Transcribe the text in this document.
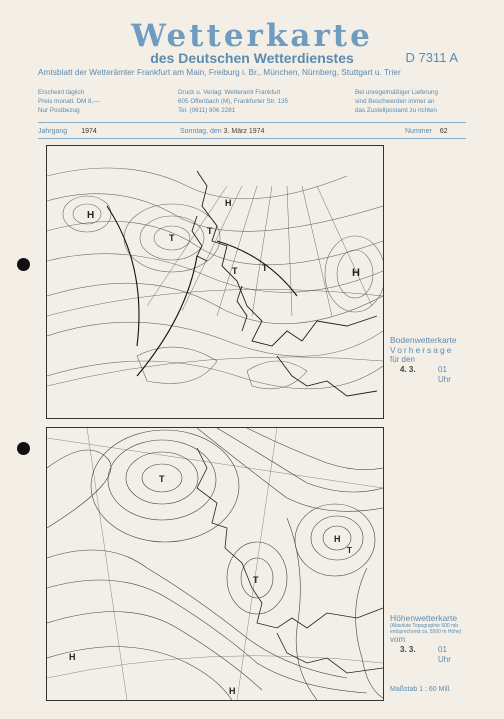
Wetterkarte
des Deutschen Wetterdienstes	D 7311 A
Amtsblatt der Wetterämter Frankfurt am Main, Freiburg i. Br., München, Nürnberg, Stuttgart u. Trier
Erscheint täglich
Preis monatl. DM 8,—
Nur Postbezug
Druck u. Verlag: Wetteramt Frankfurt
605 Offenbach (M), Frankfurter Str. 135
Tel. (0611) 806 2281
Bei unregelmäßiger Lieferung
sind Beschwerden immer an
das Zustellpostamt zu richten
Jahrgang 1974	Sonntag, den 3. März 1974	Nummer 62
H
H
T
T
T	T
H
Bodenwetterkarte
Vorhersage
für den
4. 3.	01 Uhr
T
T
H
T
H
H
Höhenwetterkarte
(Absolute Topographie 500 mb
entsprechend ca. 5500 m Höhe)
vom
3. 3.	01 Uhr
Maßstab 1 : 60 Mill.
